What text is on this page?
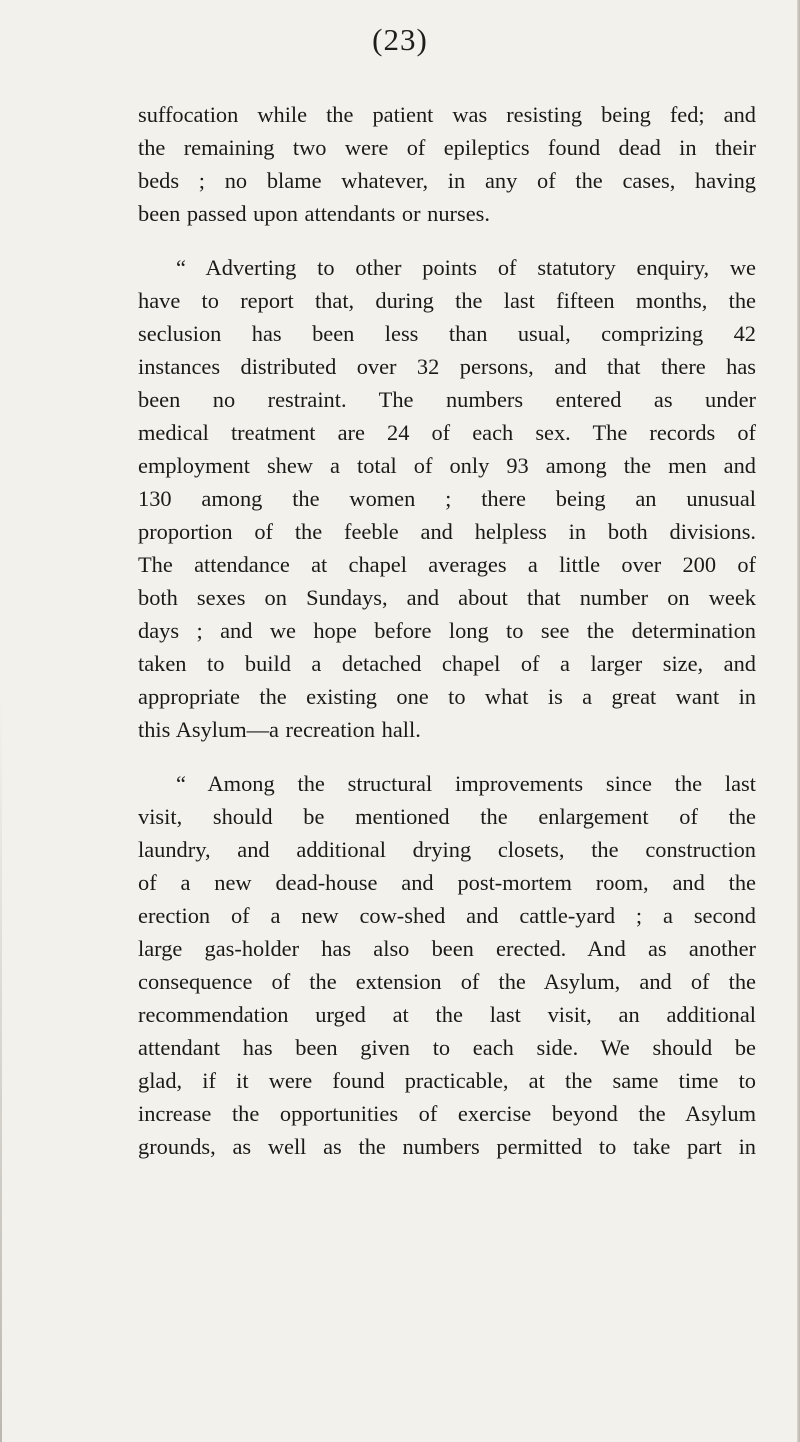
(23)
suffocation while the patient was resisting being fed; and
the remaining two were of epileptics found dead in their
beds ; no blame whatever, in any of the cases, having
been passed upon attendants or nurses.
“ Adverting to other points of statutory enquiry, we
have to report that, during the last fifteen months, the
seclusion has been less than usual, comprizing 42
instances distributed over 32 persons, and that there has
been no restraint. The numbers entered as under
medical treatment are 24 of each sex. The records of
employment shew a total of only 93 among the men and
130 among the women ; there being an unusual
proportion of the feeble and helpless in both divisions.
The attendance at chapel averages a little over 200 of
both sexes on Sundays, and about that number on week
days ; and we hope before long to see the determination
taken to build a detached chapel of a larger size, and
appropriate the existing one to what is a great want in
this Asylum—a recreation hall.
“ Among the structural improvements since the last
visit, should be mentioned the enlargement of the
laundry, and additional drying closets, the construction
of a new dead-house and post-mortem room, and the
erection of a new cow-shed and cattle-yard ; a second
large gas-holder has also been erected. And as another
consequence of the extension of the Asylum, and of the
recommendation urged at the last visit, an additional
attendant has been given to each side. We should be
glad, if it were found practicable, at the same time to
increase the opportunities of exercise beyond the Asylum
grounds, as well as the numbers permitted to take part in
